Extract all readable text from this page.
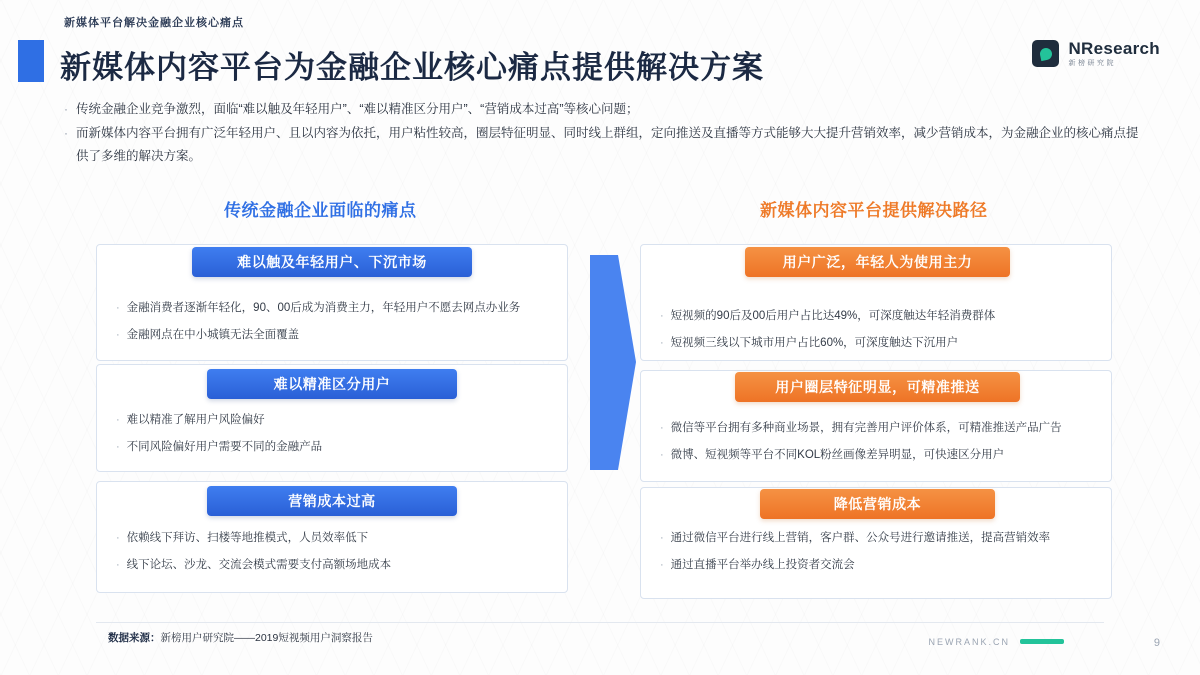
新媒体平台解决金融企业核心痛点
新媒体内容平台为金融企业核心痛点提供解决方案
NResearch
新榜研究院
· 传统金融企业竞争激烈，面临“难以触及年轻用户”、“难以精准区分用户”、“营销成本过高”等核心问题；
· 而新媒体内容平台拥有广泛年轻用户、且以内容为依托，用户粘性较高，圈层特征明显、同时线上群组，定向推送及直播等方式能够大大提升营销效率，减少营销成本，为金融企业的核心痛点提供了多维的解决方案。
传统金融企业面临的痛点	新媒体内容平台提供解决路径
难以触及年轻用户、下沉市场
· 金融消费者逐渐年轻化，90、00后成为消费主力，年轻用户不愿去网点办业务
· 金融网点在中小城镇无法全面覆盖
难以精准区分用户
· 难以精准了解用户风险偏好
· 不同风险偏好用户需要不同的金融产品
营销成本过高
· 依赖线下拜访、扫楼等地推模式，人员效率低下
· 线下论坛、沙龙、交流会模式需要支付高额场地成本
用户广泛，年轻人为使用主力
· 短视频的90后及00后用户占比达49%，可深度触达年轻消费群体
· 短视频三线以下城市用户占比60%，可深度触达下沉用户
用户圈层特征明显，可精准推送
· 微信等平台拥有多种商业场景，拥有完善用户评价体系，可精准推送产品广告
· 微博、短视频等平台不同KOL粉丝画像差异明显，可快速区分用户
降低营销成本
· 通过微信平台进行线上营销，客户群、公众号进行邀请推送，提高营销效率
· 通过直播平台举办线上投资者交流会
数据来源：新榜用户研究院——2019短视频用户洞察报告	NEWRANK.CN	9
